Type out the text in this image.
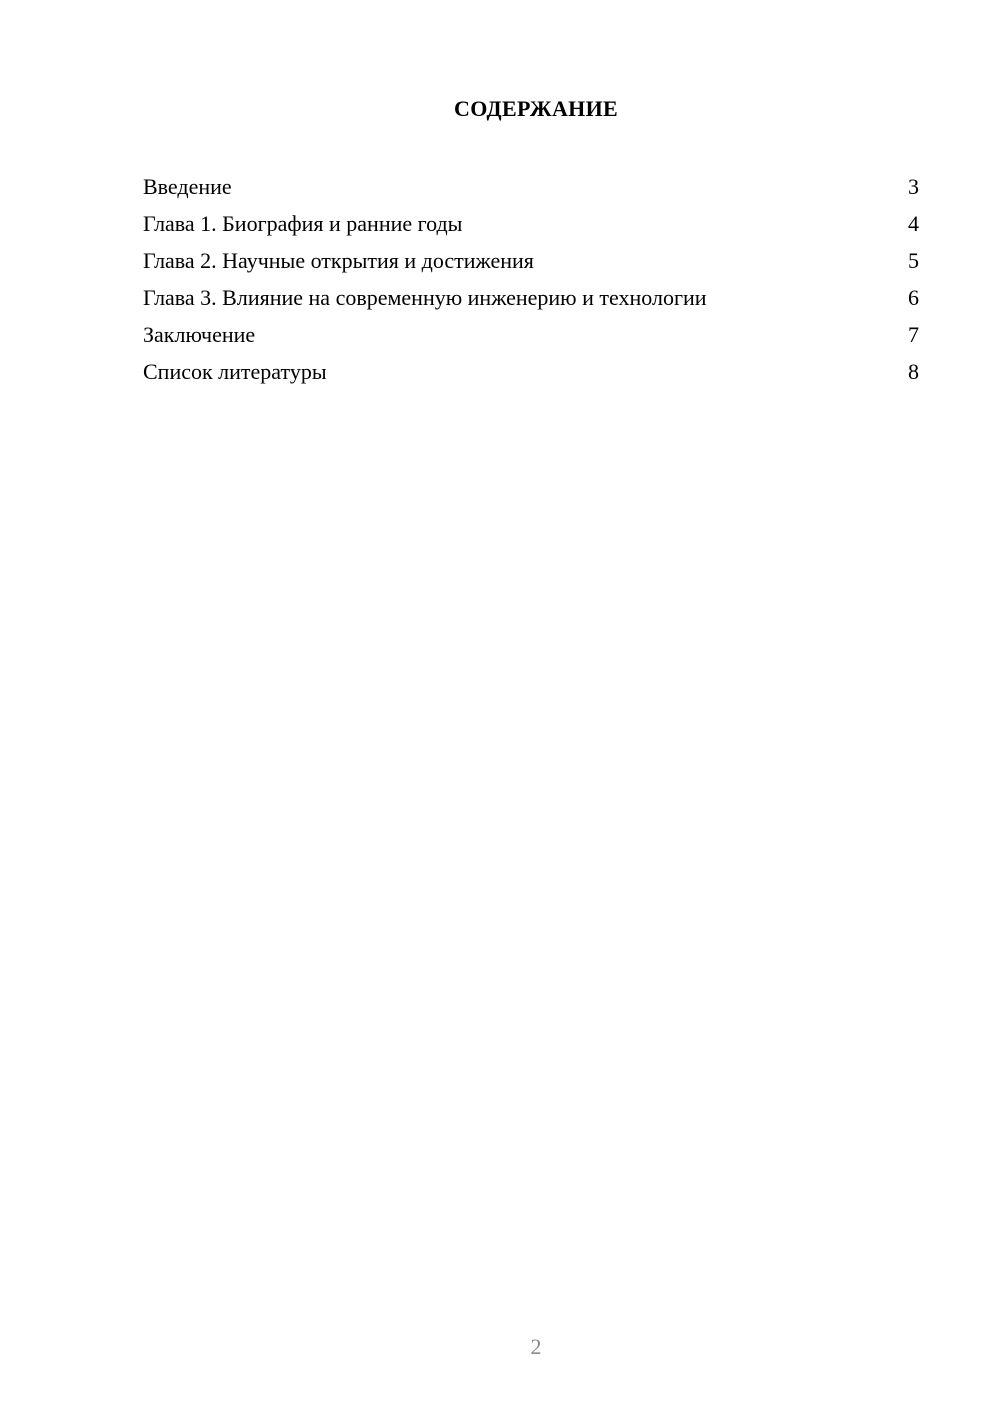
СОДЕРЖАНИЕ
Введение	3
Глава 1. Биография и ранние годы	4
Глава 2. Научные открытия и достижения	5
Глава 3. Влияние на современную инженерию и технологии	6
Заключение	7
Список литературы	8
2
